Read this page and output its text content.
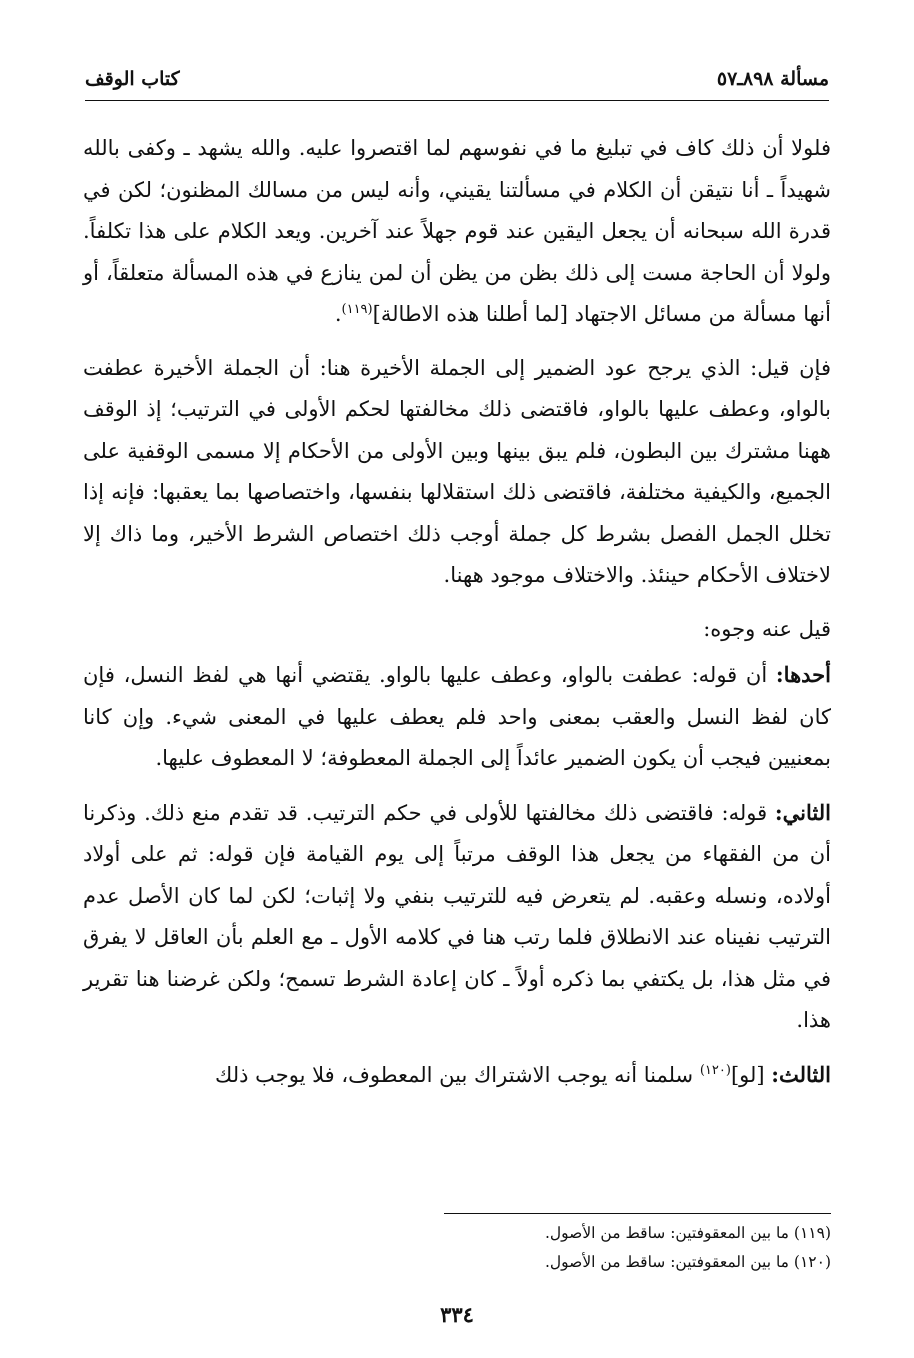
مسألة ٨٩٨ـ٥٧
كتاب الوقف

فلولا أن ذلك كاف في تبليغ ما في نفوسهم لما اقتصروا عليه. والله يشهد ـ وكفى بالله شهيداً ـ أنا نتيقن أن الكلام في مسألتنا يقيني، وأنه ليس من مسالك المظنون؛ لكن في قدرة الله سبحانه أن يجعل اليقين عند قوم جهلاً عند آخرين. ويعد الكلام على هذا تكلفاً. ولولا أن الحاجة مست إلى ذلك بظن من يظن أن لمن ينازع في هذه المسألة متعلقاً، أو أنها مسألة من مسائل الاجتهاد [لما أطلنا هذه الاطالة]$^{(١١٩)}$.

فإن قيل: الذي يرجح عود الضمير إلى الجملة الأخيرة هنا: أن الجملة الأخيرة عطفت بالواو، وعطف عليها بالواو، فاقتضى ذلك مخالفتها لحكم الأولى في الترتيب؛ إذ الوقف ههنا مشترك بين البطون، فلم يبق بينها وبين الأولى من الأحكام إلا مسمى الوقفية على الجميع، والكيفية مختلفة، فاقتضى ذلك استقلالها بنفسها، واختصاصها بما يعقبها: فإنه إذا تخلل الجمل الفصل بشرط كل جملة أوجب ذلك اختصاص الشرط الأخير، وما ذاك إلا لاختلاف الأحكام حينئذ. والاختلاف موجود ههنا.

قيل عنه وجوه:

أحدها: أن قوله: عطفت بالواو، وعطف عليها بالواو. يقتضي أنها هي لفظ النسل، فإن كان لفظ النسل والعقب بمعنى واحد فلم يعطف عليها في المعنى شيء. وإن كانا بمعنيين فيجب أن يكون الضمير عائداً إلى الجملة المعطوفة؛ لا المعطوف عليها.

الثاني: قوله: فاقتضى ذلك مخالفتها للأولى في حكم الترتيب. قد تقدم منع ذلك. وذكرنا أن من الفقهاء من يجعل هذا الوقف مرتباً إلى يوم القيامة فإن قوله: ثم على أولاد أولاده، ونسله وعقبه. لم يتعرض فيه للترتيب بنفي ولا إثبات؛ لكن لما كان الأصل عدم الترتيب نفيناه عند الانطلاق فلما رتب هنا في كلامه الأول ـ مع العلم بأن العاقل لا يفرق في مثل هذا، بل يكتفي بما ذكره أولاً ـ كان إعادة الشرط تسمح؛ ولكن غرضنا هنا تقرير هذا.

الثالث: [لو]$^{(١٢٠)}$ سلمنا أنه يوجب الاشتراك بين المعطوف، فلا يوجب ذلك

(١١٩) ما بين المعقوفتين: ساقط من الأصول.
(١٢٠) ما بين المعقوفتين: ساقط من الأصول.
٣٣٤
